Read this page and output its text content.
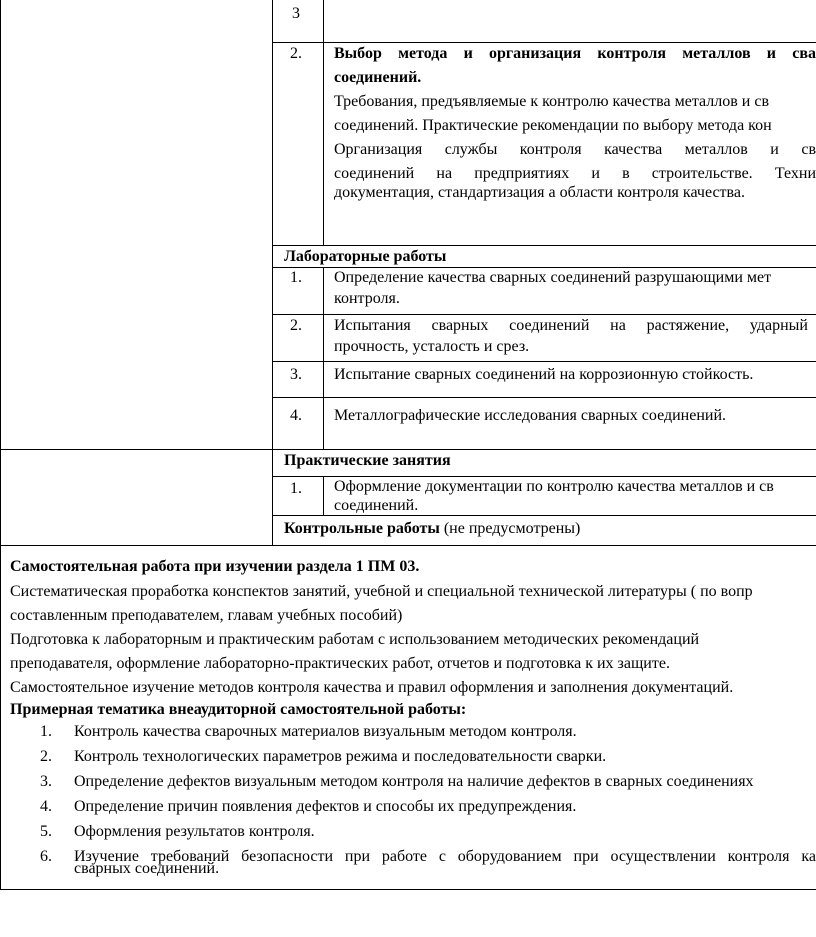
3
2. Выбор метода и организация контроля металлов и сва
соединений.
Требования, предъявляемые к контролю качества металлов и св
соединений. Практические рекомендации по выбору метода кон
Организация службы контроля качества металлов и св
соединений на предприятиях и в строительстве. Техни
документация, стандартизация а области контроля качества.
Лабораторные работы
1. Определение качества сварных соединений разрушающими мет
контроля.
2. Испытания сварных соединений на растяжение, ударный
прочность, усталость и срез.
3. Испытание сварных соединений на коррозионную стойкость.
4. Металлографические исследования сварных соединений.
Практические занятия
1. Оформление документации по контролю качества металлов и св
соединений.
Контрольные работы (не предусмотрены)
Самостоятельная работа при изучении раздела 1 ПМ 03.
Систематическая проработка конспектов занятий, учебной и специальной технической литературы ( по вопр
составленным преподавателем, главам учебных пособий)
Подготовка к лабораторным и практическим работам с использованием методических рекомендаций
преподавателя, оформление лабораторно-практических работ, отчетов и подготовка к их защите.
Самостоятельное изучение методов контроля качества и правил оформления и заполнения документаций.
Примерная тематика внеаудиторной самостоятельной работы:
1. Контроль качества сварочных материалов визуальным методом контроля.
2. Контроль технологических параметров режима и последовательности сварки.
3. Определение дефектов визуальным методом контроля на наличие дефектов в сварных соединениях
4. Определение причин появления дефектов и способы их предупреждения.
5. Оформления результатов контроля.
6. Изучение требований безопасности при работе с оборудованием при осуществлении контроля ка
сварных соединений.
